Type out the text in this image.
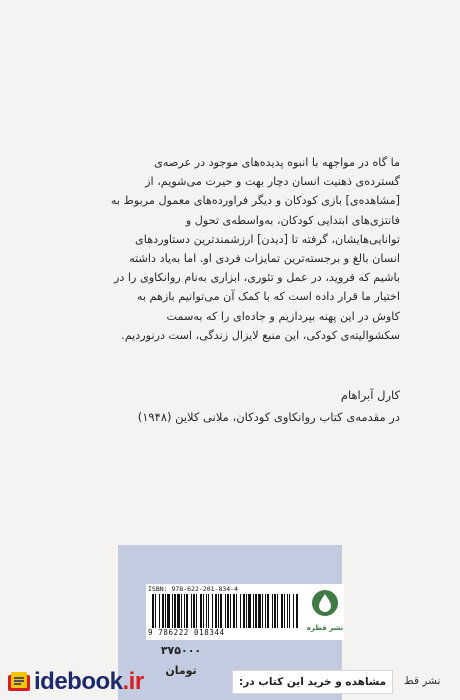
ما گاه در مواجهه با انبوه پدیده‌های موجود در عرصه‌ی

گسترده‌ی ذهنیت انسان دچار بهت و حیرت می‌شویم، از

[مشاهده‌ی] بازی کودکان و دیگر فراورده‌های معمول مربوط به

فانتزی‌های ابتدایی کودکان، به‌واسطه‌ی تحول و

توانایی‌هایشان، گرفته تا [دیدن] ارزشمندترین دستاوردهای

انسان بالغ و برجسته‌ترین تمایزات فردی او. اما به‌یاد داشته

باشیم که فروید، در عمل و تئوری، ابزاری به‌نام روانکاوی را در

اختیار ما قرار داده است که با کمک آن می‌توانیم بازهم به

کاوش در این پهنه بپردازیم و جاده‌ای را که به‌سمت

سکشوالیته‌ی کودکی، این منبع لایزال زندگی، است درنوردیم.

کارل آبراهام
در مقدمه‌ی کتاب روانکاوی کودکان، ملانی کلاین (۱۹۴۸)
ISBN: 978-622-201-834-4
9 786222 018344	نشر قطره
۳۷۵۰۰۰ تومان
idebook.ir	مشاهده و خرید این کتاب در:	نشر قط
